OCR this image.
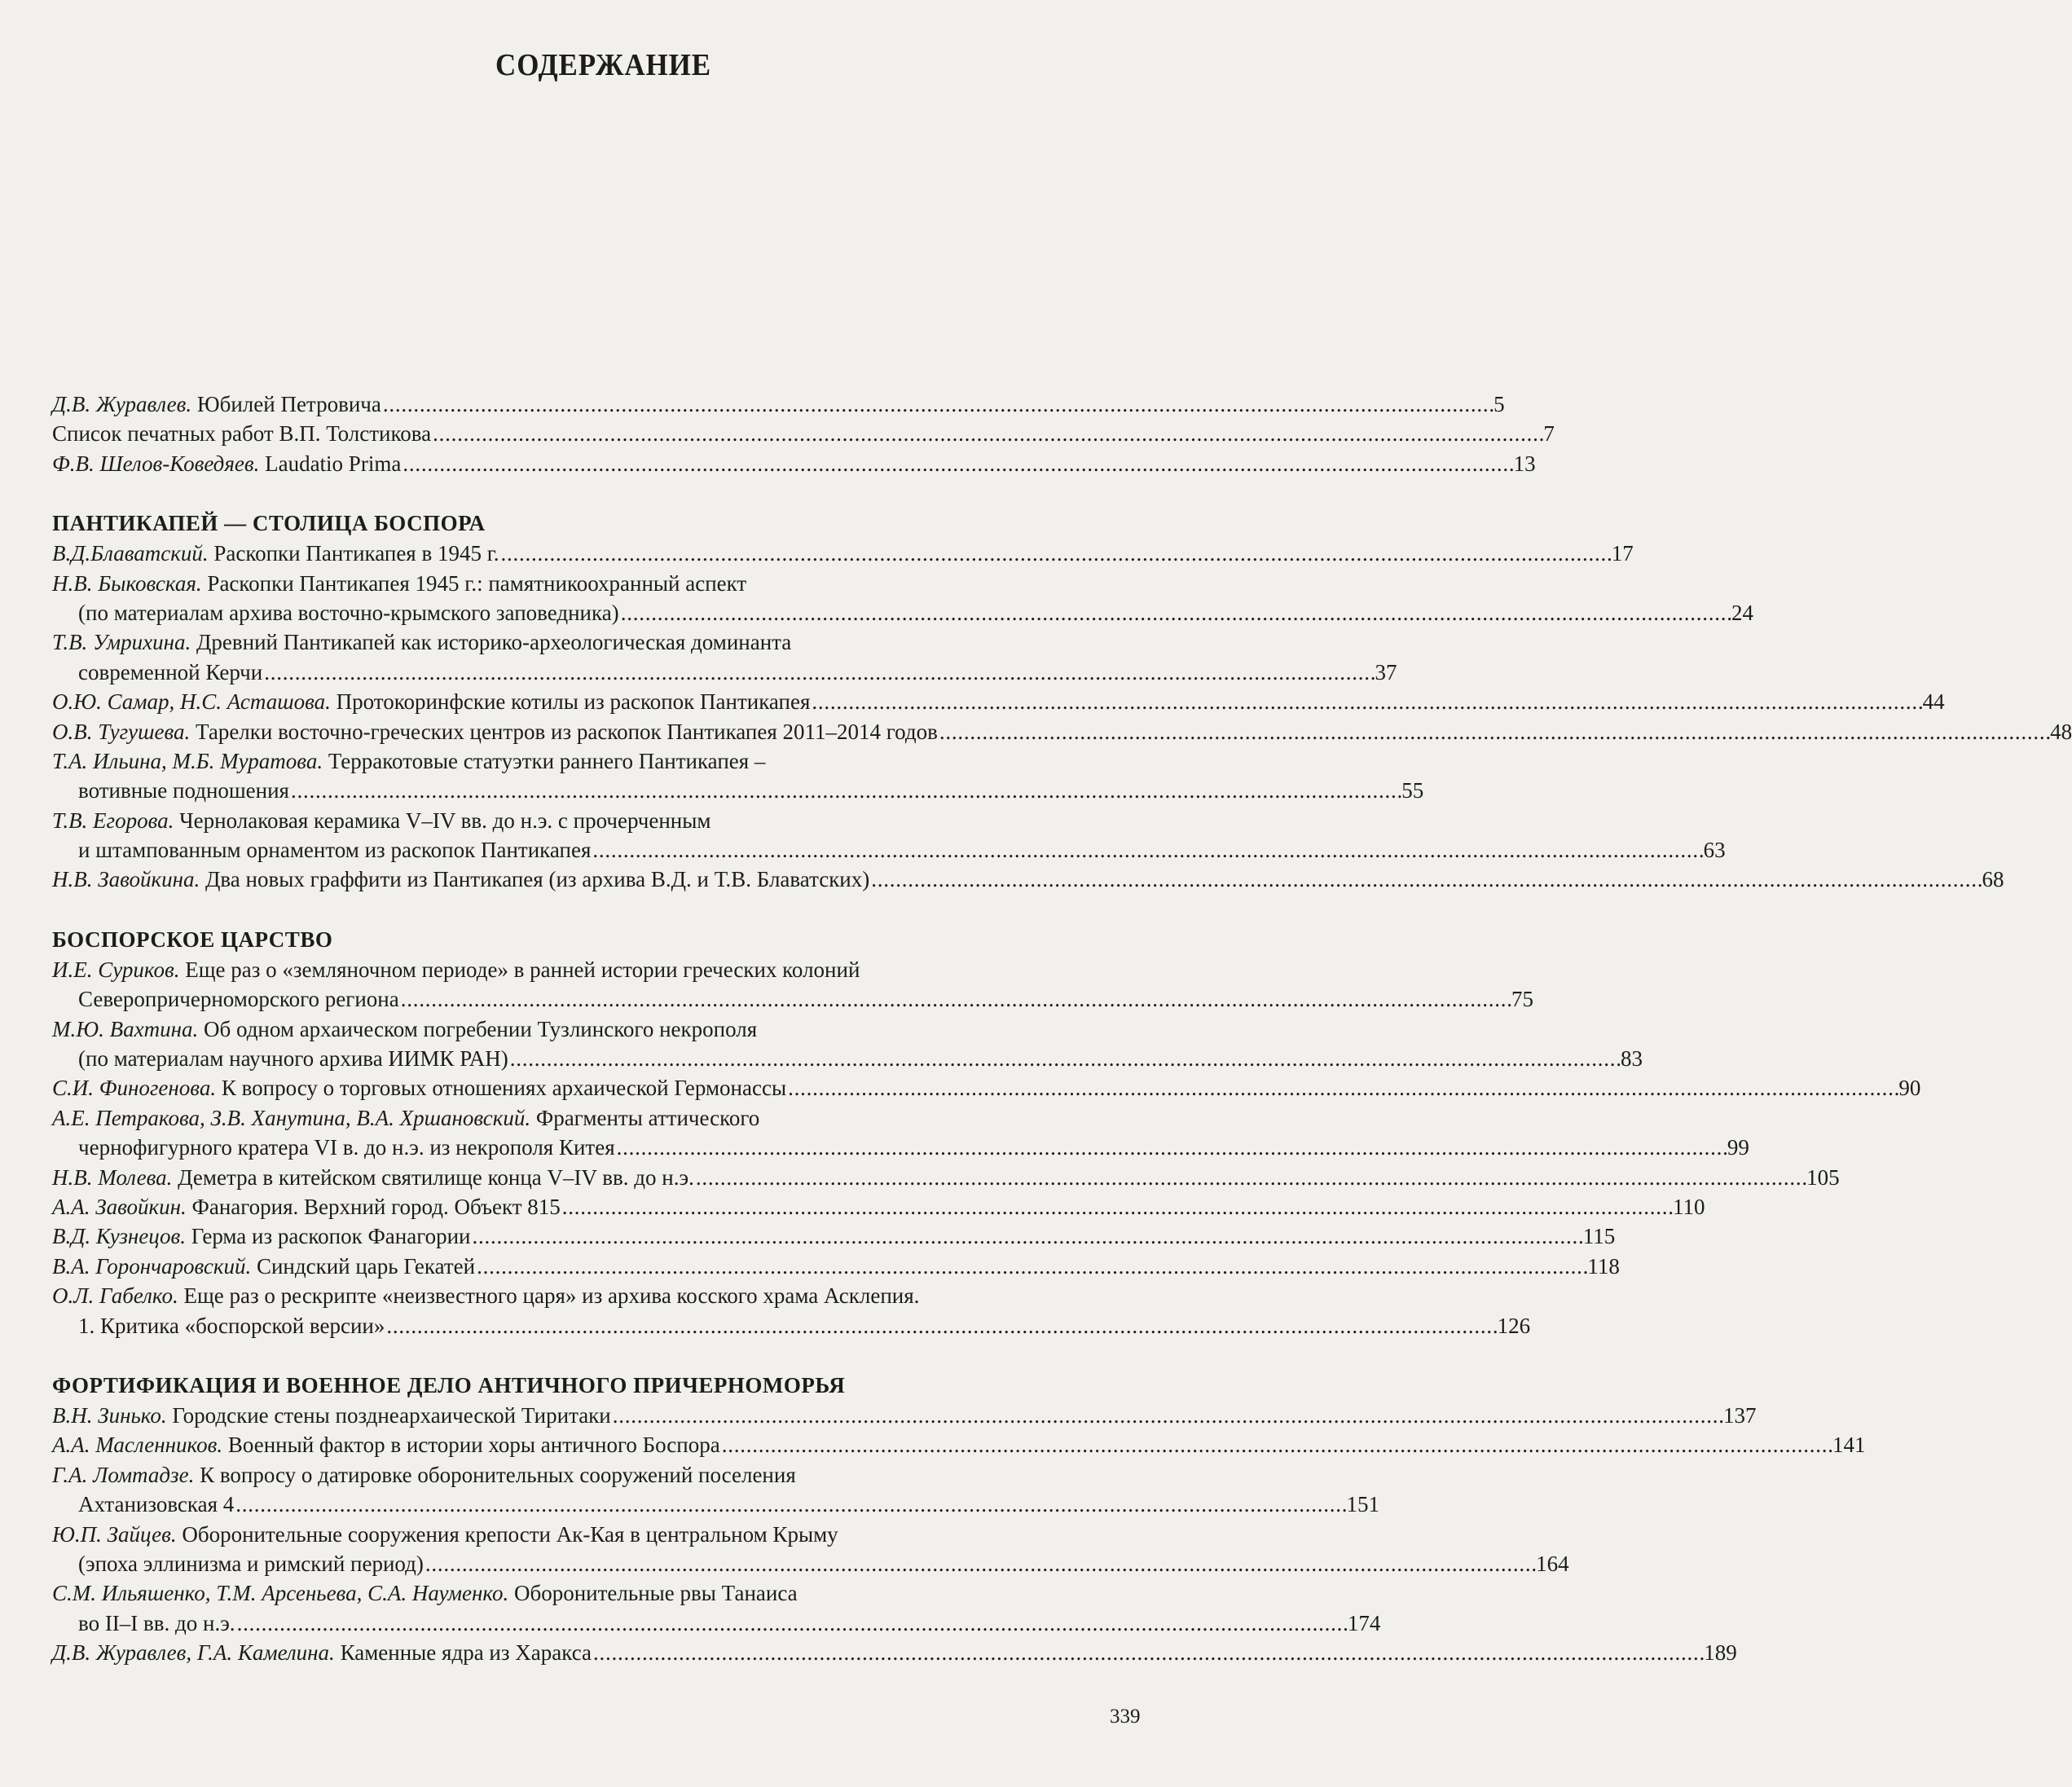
СОДЕРЖАНИЕ
Д.В. Журавлев. Юбилей Петровича . . .	5
Список печатных работ В.П. Толстикова . . .	7
Ф.В. Шелов-Коведяев. Laudatio Prima . . .	13
ПАНТИКАПЕЙ — СТОЛИЦА БОСПОРА
В.Д.Блаватский. Раскопки Пантикапея в 1945 г. . . .	17
Н.В. Быковская. Раскопки Пантикапея 1945 г.: памятникоохранный аспект
(по материалам архива восточно-крымского заповедника) . . .	24
Т.В. Умрихина. Древний Пантикапей как историко-археологическая доминанта
современной Керчи . . .	37
О.Ю. Самар, Н.С. Асташова. Протокоринфские котилы из раскопок Пантикапея . . .	44
О.В. Тугушева. Тарелки восточно-греческих центров из раскопок Пантикапея 2011–2014 годов . . .	48
Т.А. Ильина, М.Б. Муратова. Терракотовые статуэтки раннего Пантикапея –
вотивные подношения . . .	55
Т.В. Егорова. Чернолаковая керамика V–IV вв. до н.э. с прочерченным
и штампованным орнаментом из раскопок Пантикапея . . .	63
Н.В. Завойкина. Два новых граффити из Пантикапея (из архива В.Д. и Т.В. Блаватских) . . .	68
БОСПОРСКОЕ ЦАРСТВО
И.Е. Суриков. Еще раз о «земляночном периоде» в ранней истории греческих колоний
Северопричерноморского региона . . .	75
М.Ю. Вахтина. Об одном архаическом погребении Тузлинского некрополя
(по материалам научного архива ИИМК РАН) . . .	83
С.И. Финогенова. К вопросу о торговых отношениях архаической Гермонассы . . .	90
А.Е. Петракова, З.В. Ханутина, В.А. Хршановский. Фрагменты аттического
чернофигурного кратера VI в. до н.э. из некрополя Китея . . .	99
Н.В. Молева. Деметра в китейском святилище конца V–IV вв. до н.э. . . .	105
А.А. Завойкин. Фанагория. Верхний город. Объект 815 . . .	110
В.Д. Кузнецов. Герма из раскопок Фанагории . . .	115
В.А. Горончаровский. Синдский царь Гекатей . . .	118
О.Л. Габелко. Еще раз о рескрипте «неизвестного царя» из архива косского храма Асклепия.
1. Критика «боспорской версии» . . .	126
ФОРТИФИКАЦИЯ И ВОЕННОЕ ДЕЛО АНТИЧНОГО ПРИЧЕРНОМОРЬЯ
В.Н. Зинько. Городские стены позднеархаической Тиритаки . . .	137
А.А. Масленников. Военный фактор в истории хоры античного Боспора . . .	141
Г.А. Ломтадзе. К вопросу о датировке оборонительных сооружений поселения
Ахтанизовская 4 . . .	151
Ю.П. Зайцев. Оборонительные сооружения крепости Ак-Кая в центральном Крыму
(эпоха эллинизма и римский период) . . .	164
С.М. Ильяшенко, Т.М. Арсеньева, С.А. Науменко. Оборонительные рвы Танаиса
во II–I вв. до н.э. . . .	174
Д.В. Журавлев, Г.А. Камелина. Каменные ядра из Харакса . . .	189
339
